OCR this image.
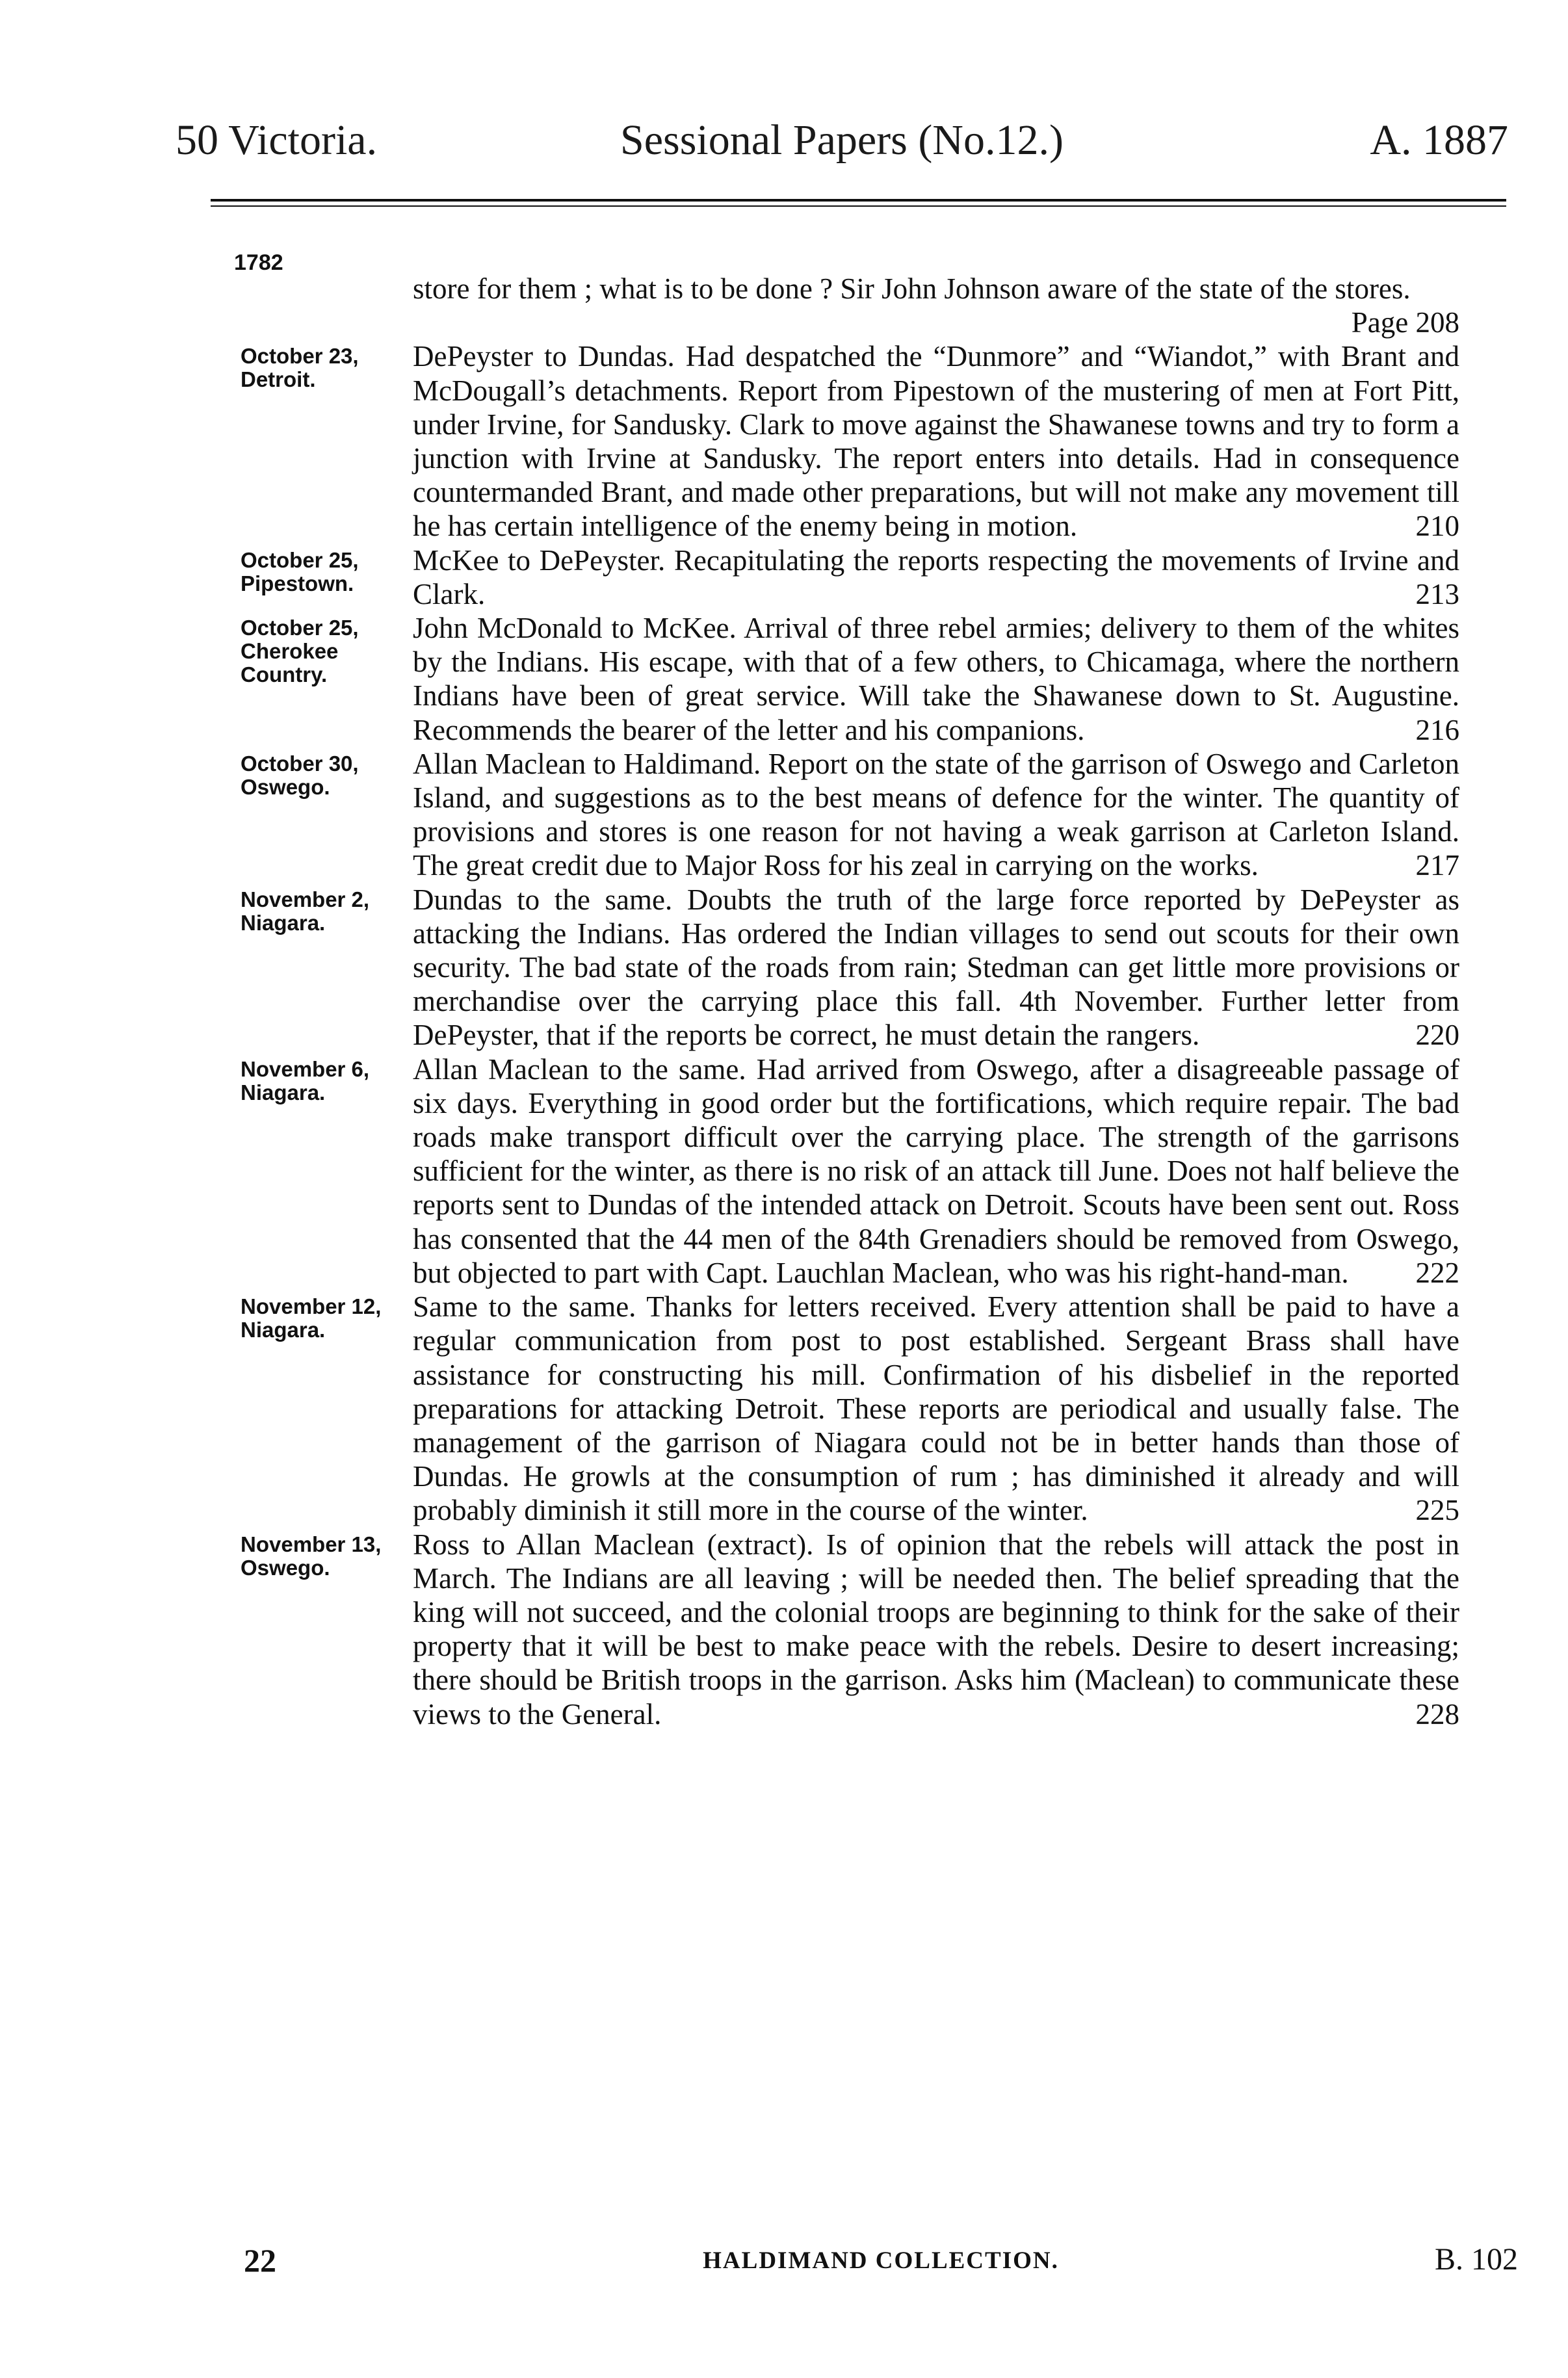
50 Victoria.	Sessional Papers (No.12.)	A. 1887
1782
store for them ; what is to be done ? Sir John Johnson aware of the state of the stores.
Page 208
October 23,
Detroit.
DePeyster to Dundas. Had despatched the “Dunmore” and “Wiandot,” with Brant and McDougall’s detachments. Report from Pipestown of the mustering of men at Fort Pitt, under Irvine, for Sandusky. Clark to move against the Shawanese towns and try to form a junction with Irvine at Sandusky. The report enters into details. Had in consequence countermanded Brant, and made other preparations, but will not make any movement till he has certain intelligence of the enemy being in motion.	210
October 25,
Pipestown.
McKee to DePeyster. Recapitulating the reports respecting the movements of Irvine and Clark.	213
October 25,
Cherokee Country.
John McDonald to McKee. Arrival of three rebel armies; delivery to them of the whites by the Indians. His escape, with that of a few others, to Chicamaga, where the northern Indians have been of great service. Will take the Shawanese down to St. Augustine. Recommends the bearer of the letter and his companions.	216
October 30,
Oswego.
Allan Maclean to Haldimand. Report on the state of the garrison of Oswego and Carleton Island, and suggestions as to the best means of defence for the winter. The quantity of provisions and stores is one reason for not having a weak garrison at Carleton Island. The great credit due to Major Ross for his zeal in carrying on the works.	217
November 2,
Niagara.
Dundas to the same. Doubts the truth of the large force reported by DePeyster as attacking the Indians. Has ordered the Indian villages to send out scouts for their own security. The bad state of the roads from rain; Stedman can get little more provisions or merchandise over the carrying place this fall. 4th November. Further letter from DePeyster, that if the reports be correct, he must detain the rangers.	220
November 6,
Niagara.
Allan Maclean to the same. Had arrived from Oswego, after a disagreeable passage of six days. Everything in good order but the fortifications, which require repair. The bad roads make transport difficult over the carrying place. The strength of the garrisons sufficient for the winter, as there is no risk of an attack till June. Does not half believe the reports sent to Dundas of the intended attack on Detroit. Scouts have been sent out. Ross has consented that the 44 men of the 84th Grenadiers should be removed from Oswego, but objected to part with Capt. Lauchlan Maclean, who was his right-hand-man. 222
November 12,
Niagara.
Same to the same. Thanks for letters received. Every attention shall be paid to have a regular communication from post to post established. Sergeant Brass shall have assistance for constructing his mill. Confirmation of his disbelief in the reported preparations for attacking Detroit. These reports are periodical and usually false. The management of the garrison of Niagara could not be in better hands than those of Dundas. He growls at the consumption of rum ; has diminished it already and will probably diminish it still more in the course of the winter.	225
November 13,
Oswego.
Ross to Allan Maclean (extract). Is of opinion that the rebels will attack the post in March. The Indians are all leaving ; will be needed then. The belief spreading that the king will not succeed, and the colonial troops are beginning to think for the sake of their property that it will be best to make peace with the rebels. Desire to desert increasing; there should be British troops in the garrison. Asks him (Maclean) to communicate these views to the General.	228
22	HALDIMAND COLLECTION.	B. 102
